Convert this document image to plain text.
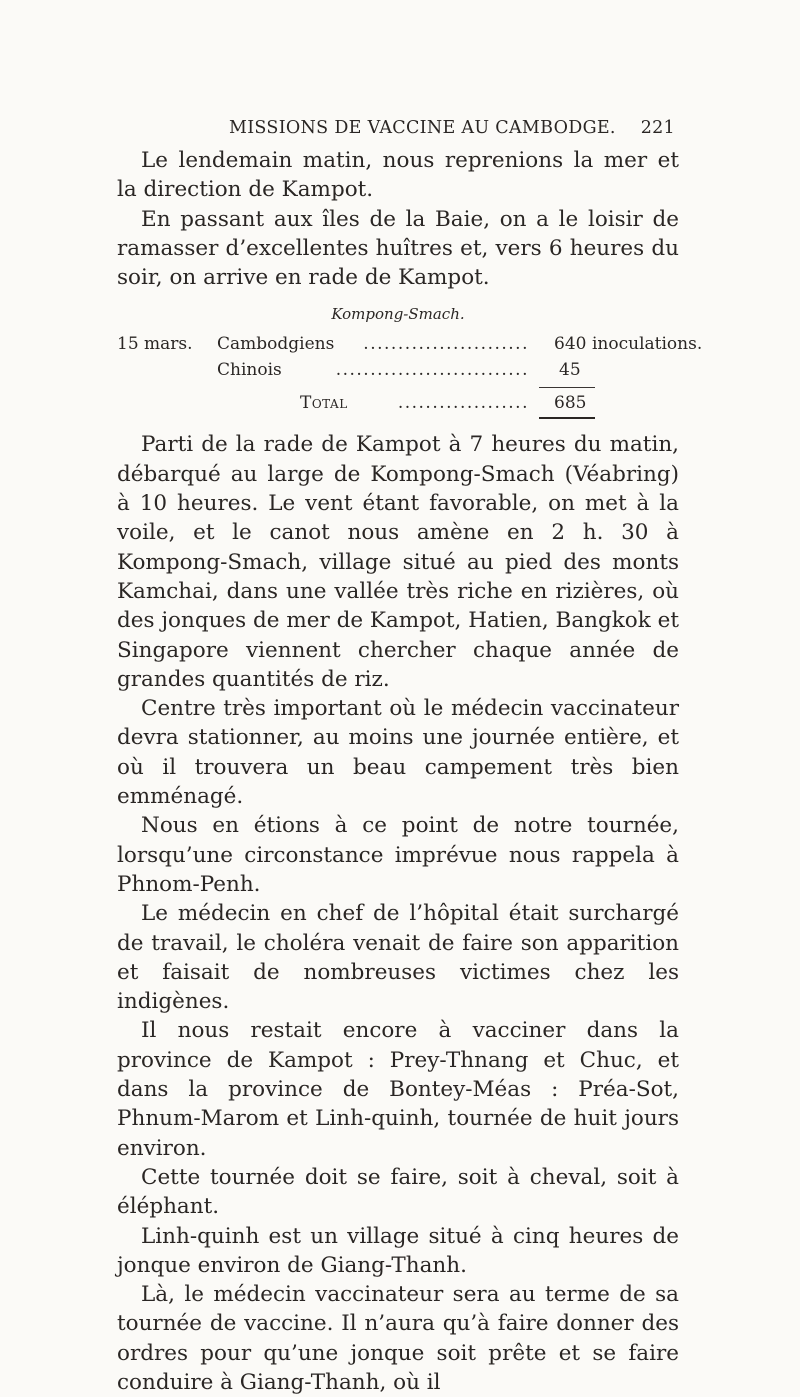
MISSIONS DE VACCINE AU CAMBODGE. 221

Le lendemain matin, nous reprenions la mer et la direction de Kampot.

En passant aux îles de la Baie, on a le loisir de ramasser d’excellentes huîtres et, vers 6 heures du soir, on arrive en rade de Kampot.

Kompong-Smach.
15 mars. Cambodgiens ........................ 640 inoculations.
Chinois	............................ 45
Total	................... 685

Parti de la rade de Kampot à 7 heures du matin, débarqué au large de Kompong-Smach (Véabring) à 10 heures. Le vent étant favorable, on met à la voile, et le canot nous amène en 2 h. 30 à Kompong-Smach, village situé au pied des monts Kamchai, dans une vallée très riche en rizières, où des jonques de mer de Kampot, Hatien, Bangkok et Singapore viennent chercher chaque année de grandes quantités de riz.

Centre très important où le médecin vaccinateur devra stationner, au moins une journée entière, et où il trouvera un beau campement très bien emménagé.

Nous en étions à ce point de notre tournée, lorsqu’une circonstance imprévue nous rappela à Phnom-Penh.

Le médecin en chef de l’hôpital était surchargé de travail, le choléra venait de faire son apparition et faisait de nombreuses victimes chez les indigènes.

Il nous restait encore à vacciner dans la province de Kampot : Prey-Thnang et Chuc, et dans la province de Bontey-Méas : Préa-Sot, Phnum-Marom et Linh-quinh, tournée de huit jours environ.

Cette tournée doit se faire, soit à cheval, soit à éléphant.

Linh-quinh est un village situé à cinq heures de jonque environ de Giang-Thanh.

Là, le médecin vaccinateur sera au terme de sa tournée de vaccine. Il n’aura qu’à faire donner des ordres pour qu’une jonque soit prête et se faire conduire à Giang-Thanh, où il
